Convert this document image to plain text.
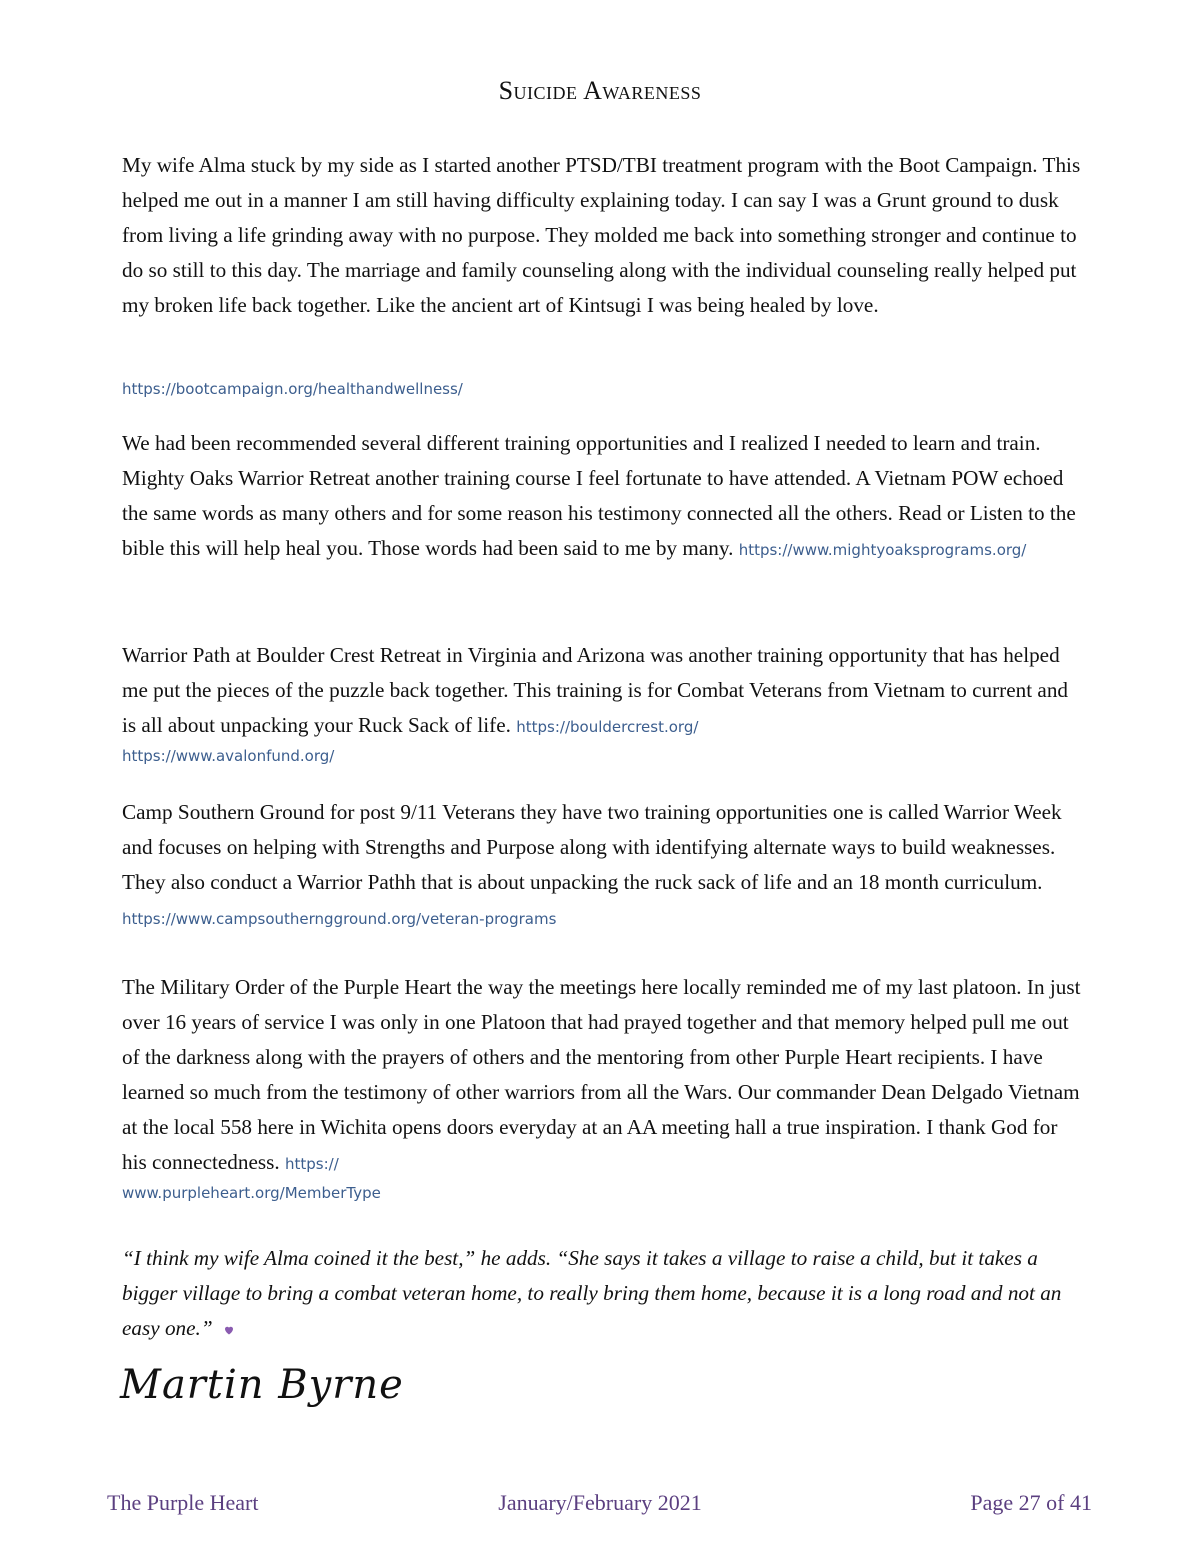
Suicide Awareness

My wife Alma stuck by my side as I started another PTSD/TBI treatment program with the Boot Campaign. This helped me out in a manner I am still having difficulty explaining today. I can say I was a Grunt ground to dusk from living a life grinding away with no purpose. They molded me back into something stronger and continue to do so still to this day. The marriage and family counseling along with the individual counseling really helped put my broken life back together. Like the ancient art of Kintsugi I was being healed by love.

https://bootcampaign.org/healthandwellness/

We had been recommended several different training opportunities and I realized I needed to learn and train. Mighty Oaks Warrior Retreat another training course I feel fortunate to have attended. A Vietnam POW echoed the same words as many others and for some reason his testimony connected all the others. Read or Listen to the bible this will help heal you. Those words had been said to me by many. https://www.mightyoaksprograms.org/

Warrior Path at Boulder Crest Retreat in Virginia and Arizona was another training opportunity that has helped me put the pieces of the puzzle back together. This training is for Combat Veterans from Vietnam to current and is all about unpacking your Ruck Sack of life. https://bouldercrest.org/

https://www.avalonfund.org/

Camp Southern Ground for post 9/11 Veterans they have two training opportunities one is called Warrior Week and focuses on helping with Strengths and Purpose along with identifying alternate ways to build weaknesses. They also conduct a Warrior Pathh that is about unpacking the ruck sack of life and an 18 month curriculum. https://www.campsoutherngground.org/veteran-programs

The Military Order of the Purple Heart the way the meetings here locally reminded me of my last platoon. In just over 16 years of service I was only in one Platoon that had prayed together and that memory helped pull me out of the darkness along with the prayers of others and the mentoring from other Purple Heart recipients. I have learned so much from the testimony of other warriors from all the Wars. Our commander Dean Delgado Vietnam at the local 558 here in Wichita opens doors everyday at an AA meeting hall a true inspiration. I thank God for his connectedness. https://

www.purpleheart.org/MemberType

“I think my wife Alma coined it the best,” he adds. “She says it takes a village to raise a child, but it takes a bigger village to bring a combat veteran home, to really bring them home, because it is a long road and not an easy one.”

Martin Byrne
The Purple Heart	January/February 2021	Page 27 of 41
